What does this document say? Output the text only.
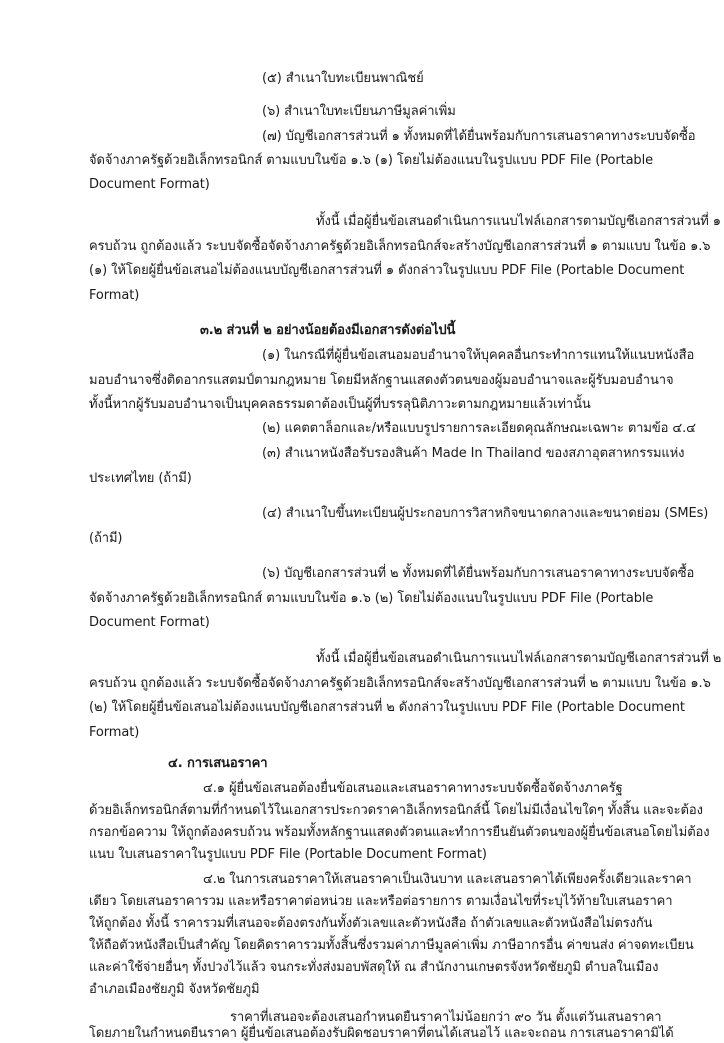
(๕) สำเนาใบทะเบียนพาณิชย์
(๖) สำเนาใบทะเบียนภาษีมูลค่าเพิ่ม
(๗) บัญชีเอกสารส่วนที่ ๑ ทั้งหมดที่ได้ยื่นพร้อมกับการเสนอราคาทางระบบจัดซื้อ
จัดจ้างภาครัฐด้วยอิเล็กทรอนิกส์ ตามแบบในข้อ ๑.๖ (๑) โดยไม่ต้องแนบในรูปแบบ PDF File (Portable
Document Format)
ทั้งนี้ เมื่อผู้ยื่นข้อเสนอดำเนินการแนบไฟล์เอกสารตามบัญชีเอกสารส่วนที่ ๑
ครบถ้วน ถูกต้องแล้ว ระบบจัดซื้อจัดจ้างภาครัฐด้วยอิเล็กทรอนิกส์จะสร้างบัญชีเอกสารส่วนที่ ๑ ตามแบบ ในข้อ ๑.๖
(๑) ให้โดยผู้ยื่นข้อเสนอไม่ต้องแนบบัญชีเอกสารส่วนที่ ๑ ดังกล่าวในรูปแบบ PDF File (Portable Document
Format)
๓.๒ ส่วนที่ ๒ อย่างน้อยต้องมีเอกสารดังต่อไปนี้
(๑) ในกรณีที่ผู้ยื่นข้อเสนอมอบอำนาจให้บุคคลอื่นกระทำการแทนให้แนบหนังสือ
มอบอำนาจซึ่งติดอากรแสตมป์ตามกฎหมาย โดยมีหลักฐานแสดงตัวตนของผู้มอบอำนาจและผู้รับมอบอำนาจ
ทั้งนี้หากผู้รับมอบอำนาจเป็นบุคคลธรรมดาต้องเป็นผู้ที่บรรลุนิติภาวะตามกฎหมายแล้วเท่านั้น
(๒) แคตตาล็อกและ/หรือแบบรูปรายการละเอียดคุณลักษณะเฉพาะ ตามข้อ ๔.๔
(๓) สำเนาหนังสือรับรองสินค้า Made In Thailand ของสภาอุตสาหกรรมแห่ง
ประเทศไทย (ถ้ามี)
(๔) สำเนาใบขึ้นทะเบียนผู้ประกอบการวิสาหกิจขนาดกลางและขนาดย่อม (SMEs)
(ถ้ามี)
(๖) บัญชีเอกสารส่วนที่ ๒ ทั้งหมดที่ได้ยื่นพร้อมกับการเสนอราคาทางระบบจัดซื้อ
จัดจ้างภาครัฐด้วยอิเล็กทรอนิกส์ ตามแบบในข้อ ๑.๖ (๒) โดยไม่ต้องแนบในรูปแบบ PDF File (Portable
Document Format)
ทั้งนี้ เมื่อผู้ยื่นข้อเสนอดำเนินการแนบไฟล์เอกสารตามบัญชีเอกสารส่วนที่ ๒
ครบถ้วน ถูกต้องแล้ว ระบบจัดซื้อจัดจ้างภาครัฐด้วยอิเล็กทรอนิกส์จะสร้างบัญชีเอกสารส่วนที่ ๒ ตามแบบ ในข้อ ๑.๖
(๒) ให้โดยผู้ยื่นข้อเสนอไม่ต้องแนบบัญชีเอกสารส่วนที่ ๒ ดังกล่าวในรูปแบบ PDF File (Portable Document
Format)
๔. การเสนอราคา
๔.๑ ผู้ยื่นข้อเสนอต้องยื่นข้อเสนอและเสนอราคาทางระบบจัดซื้อจัดจ้างภาครัฐ
ด้วยอิเล็กทรอนิกส์ตามที่กำหนดไว้ในเอกสารประกวดราคาอิเล็กทรอนิกส์นี้ โดยไม่มีเงื่อนไขใดๆ ทั้งสิ้น และจะต้อง
กรอกข้อความ ให้ถูกต้องครบถ้วน พร้อมทั้งหลักฐานแสดงตัวตนและทำการยืนยันตัวตนของผู้ยื่นข้อเสนอโดยไม่ต้อง
แนบ ใบเสนอราคาในรูปแบบ PDF File (Portable Document Format)
๔.๒ ในการเสนอราคาให้เสนอราคาเป็นเงินบาท และเสนอราคาได้เพียงครั้งเดียวและราคา
เดียว โดยเสนอราคารวม และหรือราคาต่อหน่วย และหรือต่อรายการ ตามเงื่อนไขที่ระบุไว้ท้ายใบเสนอราคา
ให้ถูกต้อง ทั้งนี้ ราคารวมที่เสนอจะต้องตรงกันทั้งตัวเลขและตัวหนังสือ ถ้าตัวเลขและตัวหนังสือไม่ตรงกัน
ให้ถือตัวหนังสือเป็นสำคัญ โดยคิดราคารวมทั้งสิ้นซึ่งรวมค่าภาษีมูลค่าเพิ่ม ภาษีอากรอื่น ค่าขนส่ง ค่าจดทะเบียน
และค่าใช้จ่ายอื่นๆ ทั้งปวงไว้แล้ว จนกระทั่งส่งมอบพัสดุให้ ณ สำนักงานเกษตรจังหวัดชัยภูมิ ตำบลในเมือง
อำเภอเมืองชัยภูมิ จังหวัดชัยภูมิ
ราคาที่เสนอจะต้องเสนอกำหนดยืนราคาไม่น้อยกว่า ๙๐ วัน ตั้งแต่วันเสนอราคา
โดยภายในกำหนดยืนราคา ผู้ยื่นข้อเสนอต้องรับผิดชอบราคาที่ตนได้เสนอไว้ และจะถอน การเสนอราคามิได้
